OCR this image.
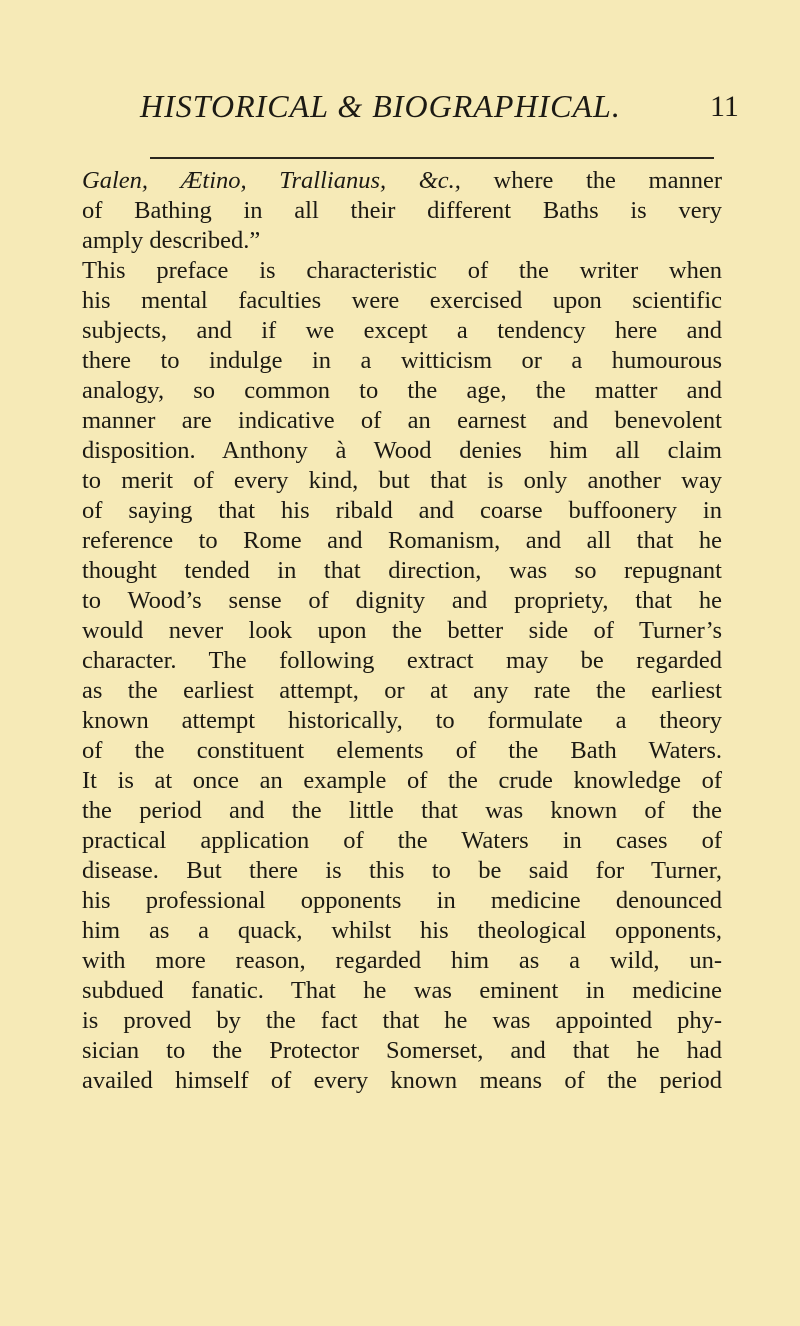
HISTORICAL & BIOGRAPHICAL.	11
Galen, Ætino, Trallianus, &c., where the manner
of Bathing in all their different Baths is very
amply described.”
This preface is characteristic of the writer when
his mental faculties were exercised upon scientific
subjects, and if we except a tendency here and
there to indulge in a witticism or a humourous
analogy, so common to the age, the matter and
manner are indicative of an earnest and benevolent
disposition. Anthony à Wood denies him all claim
to merit of every kind, but that is only another way
of saying that his ribald and coarse buffoonery in
reference to Rome and Romanism, and all that he
thought tended in that direction, was so repugnant
to Wood’s sense of dignity and propriety, that he
would never look upon the better side of Turner’s
character. The following extract may be regarded
as the earliest attempt, or at any rate the earliest
known attempt historically, to formulate a theory
of the constituent elements of the Bath Waters.
It is at once an example of the crude knowledge of
the period and the little that was known of the
practical application of the Waters in cases of
disease. But there is this to be said for Turner,
his professional opponents in medicine denounced
him as a quack, whilst his theological opponents,
with more reason, regarded him as a wild, un-
subdued fanatic. That he was eminent in medicine
is proved by the fact that he was appointed phy-
sician to the Protector Somerset, and that he had
availed himself of every known means of the period
